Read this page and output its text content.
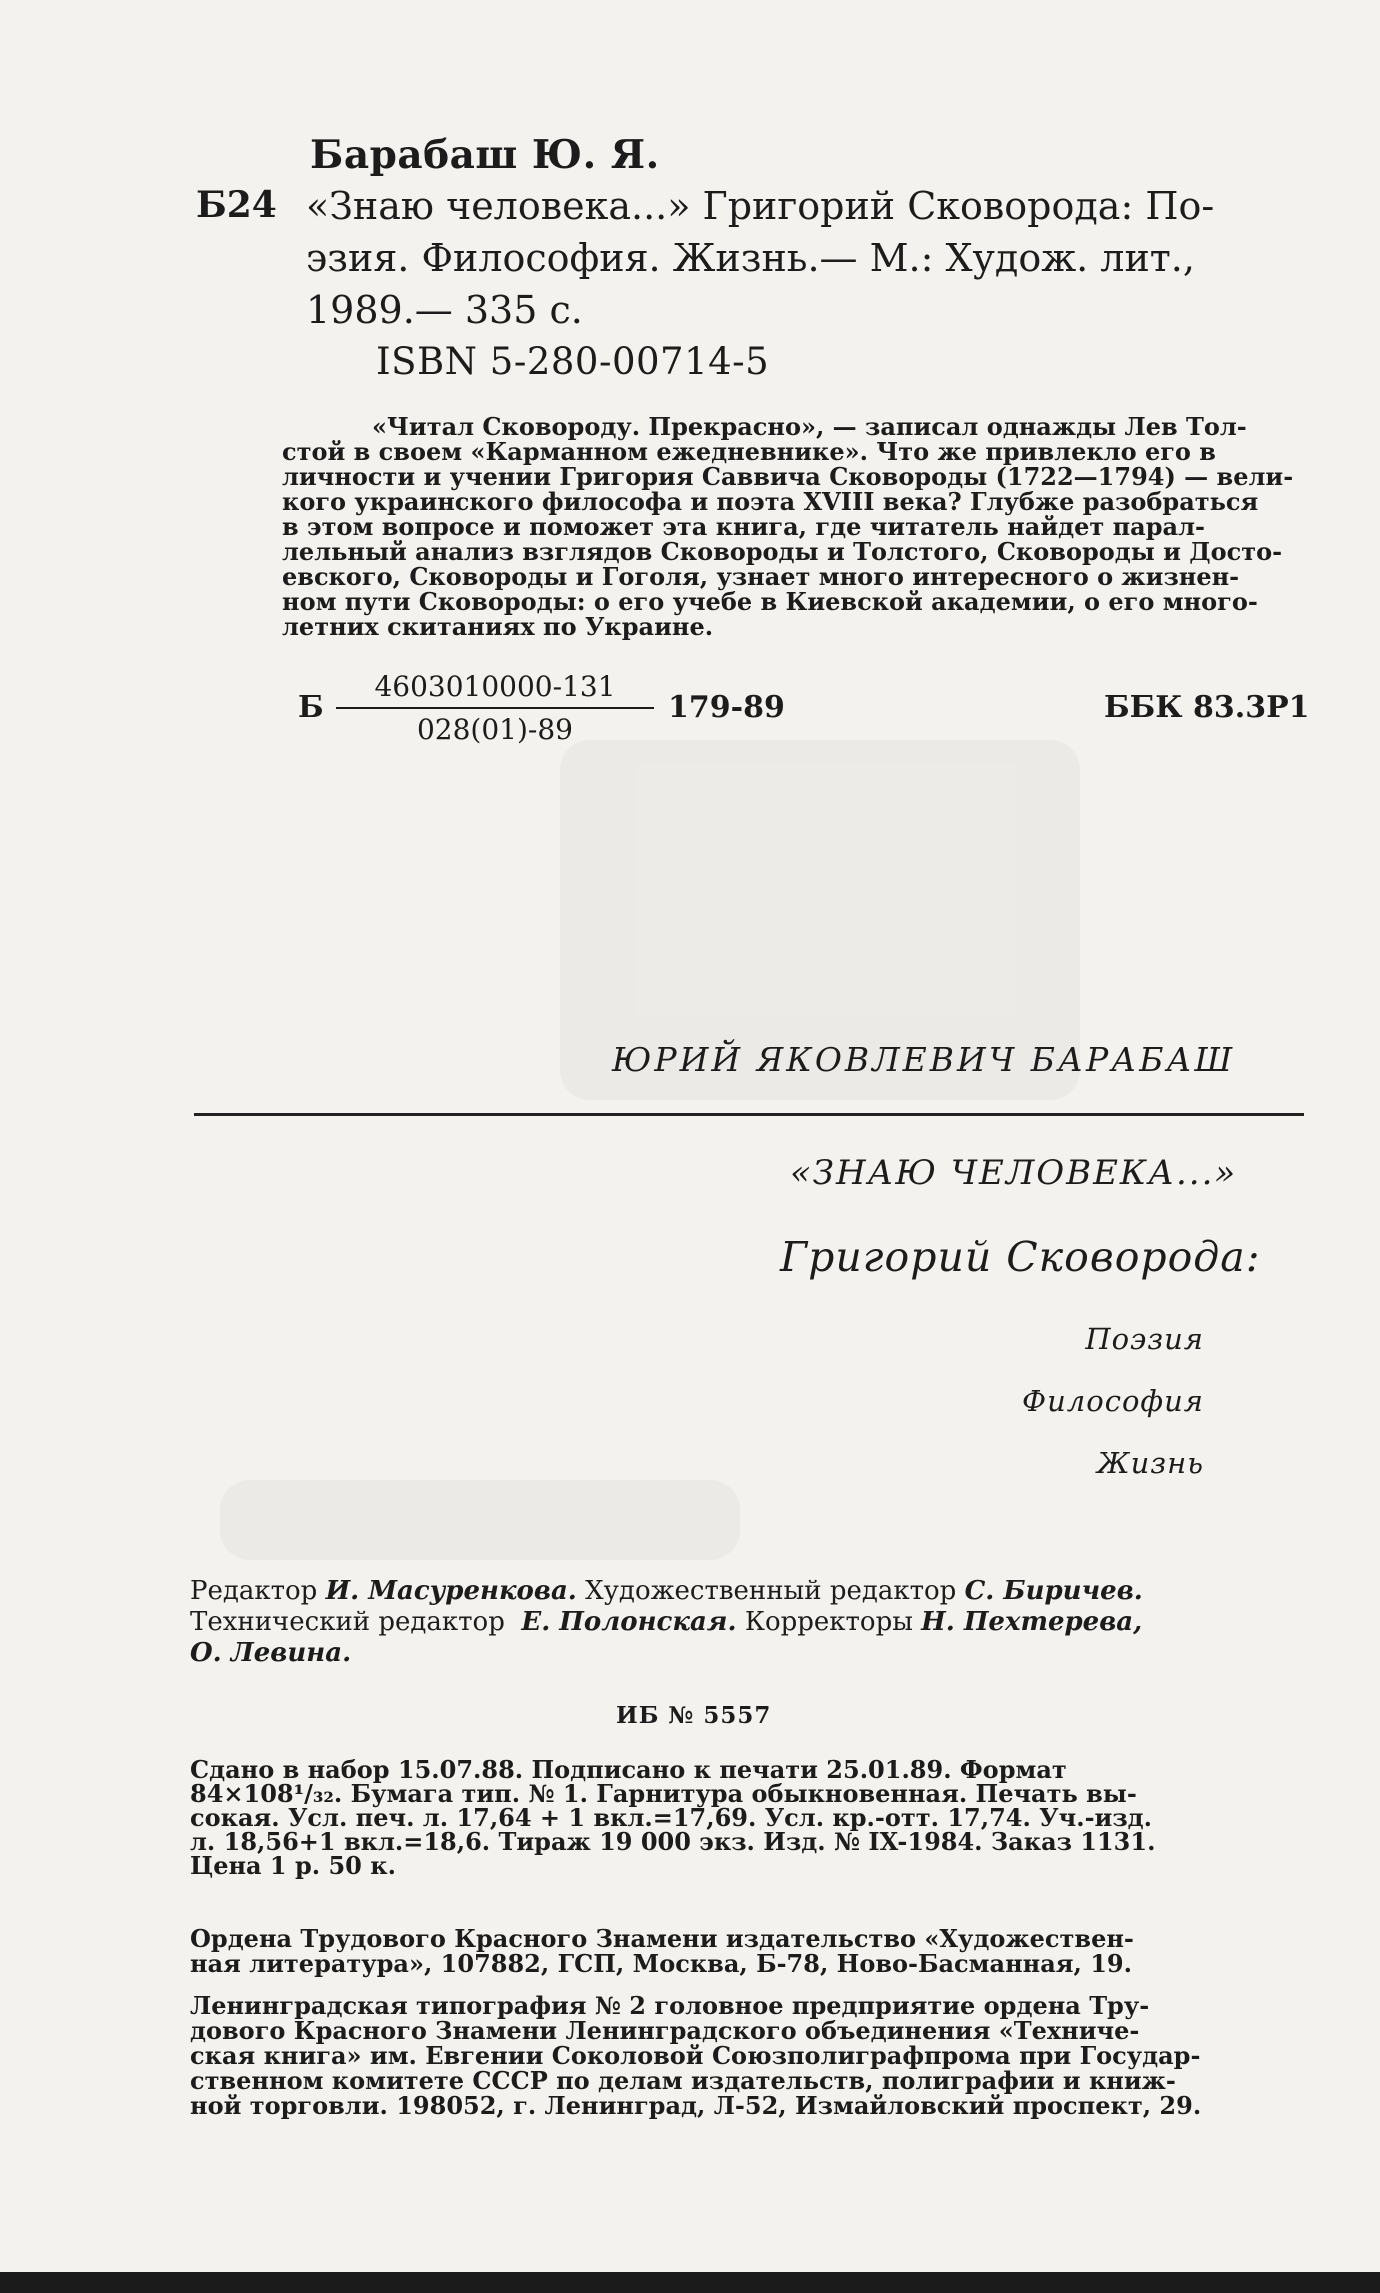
Барабаш Ю. Я.
Б24 «Знаю человека...» Григорий Сковорода: По-
эзия. Философия. Жизнь.— М.: Худож. лит.,
1989.— 335 с.
ISBN 5-280-00714-5
«Читал Сковороду. Прекрасно», — записал однажды Лев Тол-
стой в своем «Карманном ежедневнике». Что же привлекло его в
личности и учении Григория Саввича Сковороды (1722—1794) — вели-
кого украинского философа и поэта XVIII века? Глубже разобраться
в этом вопросе и поможет эта книга, где читатель найдет парал-
лельный анализ взглядов Сковороды и Толстого, Сковороды и Досто-
евского, Сковороды и Гоголя, узнает много интересного о жизнен-
ном пути Сковороды: о его учебе в Киевской академии, о его много-
летних скитаниях по Украине.
Б $\frac{4603010000-131}{028(01)-89} 179-89$	ББК 83.3Р1
ЮРИЙ ЯКОВЛЕВИЧ БАРАБАШ
«ЗНАЮ ЧЕЛОВЕКА...»
Григорий Сковорода:
Поэзия
Философия
Жизнь
Редактор И. Масуренкова. Художественный редактор С. Биричев.
Технический редактор Е. Полонская. Корректоры Н. Пехтерева,
О. Левина.
ИБ № 5557
Сдано в набор 15.07.88. Подписано к печати 25.01.89. Формат
84×108¹/₃₂. Бумага тип. № 1. Гарнитура обыкновенная. Печать вы-
сокая. Усл. печ. л. 17,64 + 1 вкл.=17,69. Усл. кр.-отт. 17,74. Уч.-изд.
л. 18,56+1 вкл.=18,6. Тираж 19 000 экз. Изд. № IX-1984. Заказ 1131.
Цена 1 р. 50 к.
Ордена Трудового Красного Знамени издательство «Художествен-
ная литература», 107882, ГСП, Москва, Б-78, Ново-Басманная, 19.
Ленинградская типография № 2 головное предприятие ордена Тру-
дового Красного Знамени Ленинградского объединения «Техниче-
ская книга» им. Евгении Соколовой Союзполиграфпрома при Государ-
ственном комитете СССР по делам издательств, полиграфии и книж-
ной торговли. 198052, г. Ленинград, Л-52, Измайловский проспект, 29.
